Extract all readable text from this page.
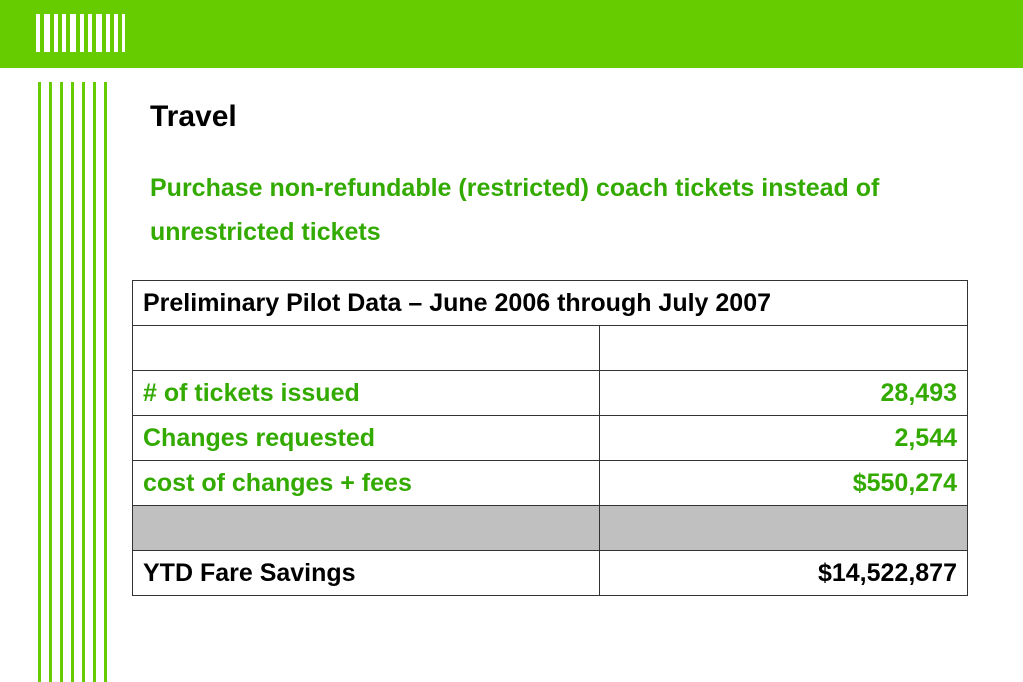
Travel
Purchase non-refundable (restricted) coach tickets instead of unrestricted tickets
Preliminary Pilot Data – June 2006 through July 2007	

# of tickets issued	28,493
Changes requested	2,544
cost of changes + fees	$550,274

YTD Fare Savings	$14,522,877
